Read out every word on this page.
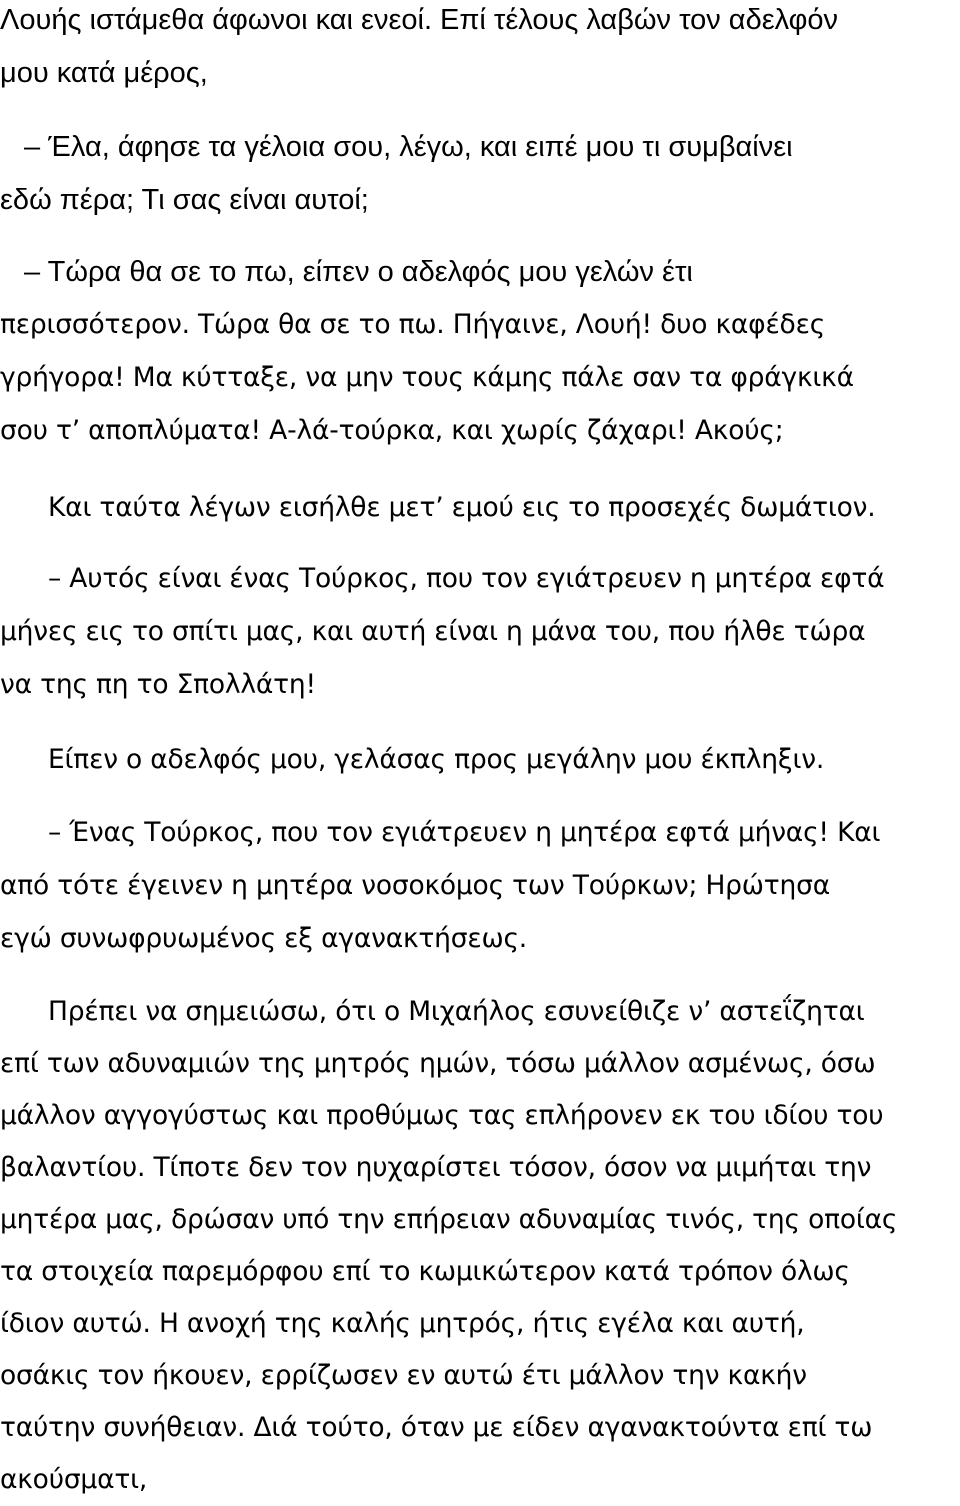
Λουής ιστάμεθα άφωνοι και ενεοί. Επί τέλους λαβών τον αδελφόν
μου κατά μέρος,
– Έλα, άφησε τα γέλοια σου, λέγω, και ειπέ μου τι συμβαίνει
εδώ πέρα; Τι σας είναι αυτοί;
– Τώρα θα σε το πω, είπεν ο αδελφός μου γελών έτι
περισσότερον. Τώρα θα σε το πω. Πήγαινε, Λουή! δυο καφέδες
γρήγορα! Μα κύτταξε, να μην τους κάμης πάλε σαν τα φράγκικά
σου τ’ αποπλύματα! Α-λά-τούρκα, και χωρίς ζάχαρι! Ακούς;
Και ταύτα λέγων εισήλθε μετ’ εμού εις το προσεχές δωμάτιον.
– Αυτός είναι ένας Τούρκος, που τον εγιάτρευεν η μητέρα εφτά
μήνες εις το σπίτι μας, και αυτή είναι η μάνα του, που ήλθε τώρα
να της πη το Σπολλάτη!
Είπεν ο αδελφός μου, γελάσας προς μεγάλην μου έκπληξιν.
– Ένας Τούρκος, που τον εγιάτρευεν η μητέρα εφτά μήνας! Και
από τότε έγεινεν η μητέρα νοσοκόμος των Τούρκων; Ηρώτησα
εγώ συνωφρυωμένος εξ αγανακτήσεως.
Πρέπει να σημειώσω, ότι ο Μιχαήλος εσυνείθιζε ν’ αστεΐζηται
επί των αδυναμιών της μητρός ημών, τόσω μάλλον ασμένως, όσω
μάλλον αγγογύστως και προθύμως τας επλήρονεν εκ του ιδίου του
βαλαντίου. Τίποτε δεν τον ηυχαρίστει τόσον, όσον να μιμήται την
μητέρα μας, δρώσαν υπό την επήρειαν αδυναμίας τινός, της οποίας
τα στοιχεία παρεμόρφου επί το κωμικώτερον κατά τρόπον όλως
ίδιον αυτώ. Η ανοχή της καλής μητρός, ήτις εγέλα και αυτή,
οσάκις τον ήκουεν, ερρίζωσεν εν αυτώ έτι μάλλον την κακήν
ταύτην συνήθειαν. Διά τούτο, όταν με είδεν αγανακτούντα επί τω
ακούσματι,
